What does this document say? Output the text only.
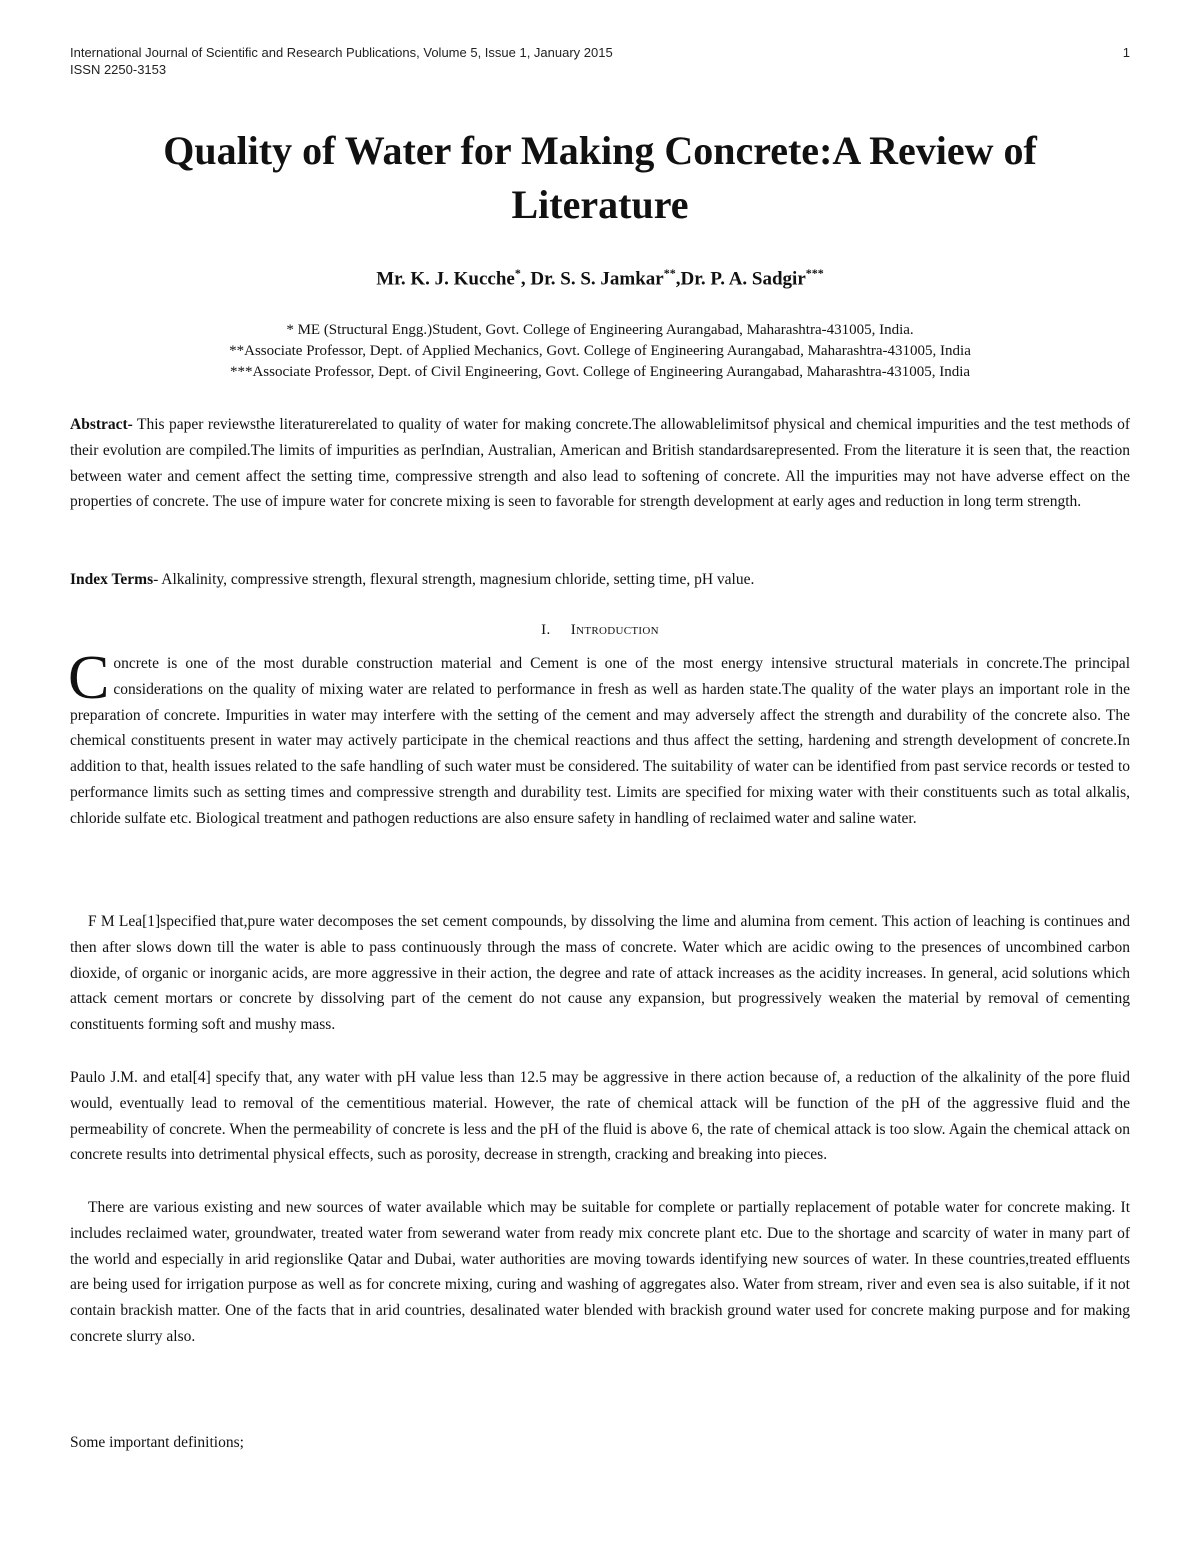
International Journal of Scientific and Research Publications, Volume 5, Issue 1, January 2015
ISSN 2250-3153
1
Quality of Water for Making Concrete:A Review of Literature
Mr. K. J. Kucche*, Dr. S. S. Jamkar**,Dr. P. A. Sadgir***
* ME (Structural Engg.)Student, Govt. College of Engineering Aurangabad, Maharashtra-431005, India.
**Associate Professor, Dept. of Applied Mechanics, Govt. College of Engineering Aurangabad, Maharashtra-431005, India
***Associate Professor, Dept. of Civil Engineering, Govt. College of Engineering Aurangabad, Maharashtra-431005, India
Abstract- This paper reviewsthe literaturerelated to quality of water for making concrete.The allowablelimitsof physical and chemical impurities and the test methods of their evolution are compiled.The limits of impurities as perIndian, Australian, American and British standardsarepresented. From the literature it is seen that, the reaction between water and cement affect the setting time, compressive strength and also lead to softening of concrete. All the impurities may not have adverse effect on the properties of concrete. The use of impure water for concrete mixing is seen to favorable for strength development at early ages and reduction in long term strength.
Index Terms- Alkalinity, compressive strength, flexural strength, magnesium chloride, setting time, pH value.
I. Introduction
Concrete is one of the most durable construction material and Cement is one of the most energy intensive structural materials in concrete.The principal considerations on the quality of mixing water are related to performance in fresh as well as harden state.The quality of the water plays an important role in the preparation of concrete. Impurities in water may interfere with the setting of the cement and may adversely affect the strength and durability of the concrete also. The chemical constituents present in water may actively participate in the chemical reactions and thus affect the setting, hardening and strength development of concrete.In addition to that, health issues related to the safe handling of such water must be considered. The suitability of water can be identified from past service records or tested to performance limits such as setting times and compressive strength and durability test. Limits are specified for mixing water with their constituents such as total alkalis, chloride sulfate etc. Biological treatment and pathogen reductions are also ensure safety in handling of reclaimed water and saline water.
F M Lea[1]specified that,pure water decomposes the set cement compounds, by dissolving the lime and alumina from cement. This action of leaching is continues and then after slows down till the water is able to pass continuously through the mass of concrete. Water which are acidic owing to the presences of uncombined carbon dioxide, of organic or inorganic acids, are more aggressive in their action, the degree and rate of attack increases as the acidity increases. In general, acid solutions which attack cement mortars or concrete by dissolving part of the cement do not cause any expansion, but progressively weaken the material by removal of cementing constituents forming soft and mushy mass.
Paulo J.M. and etal[4] specify that, any water with pH value less than 12.5 may be aggressive in there action because of, a reduction of the alkalinity of the pore fluid would, eventually lead to removal of the cementitious material. However, the rate of chemical attack will be function of the pH of the aggressive fluid and the permeability of concrete. When the permeability of concrete is less and the pH of the fluid is above 6, the rate of chemical attack is too slow. Again the chemical attack on concrete results into detrimental physical effects, such as porosity, decrease in strength, cracking and breaking into pieces.
There are various existing and new sources of water available which may be suitable for complete or partially replacement of potable water for concrete making. It includes reclaimed water, groundwater, treated water from sewerand water from ready mix concrete plant etc. Due to the shortage and scarcity of water in many part of the world and especially in arid regionslike Qatar and Dubai, water authorities are moving towards identifying new sources of water. In these countries,treated effluents are being used for irrigation purpose as well as for concrete mixing, curing and washing of aggregates also. Water from stream, river and even sea is also suitable, if it not contain brackish matter. One of the facts that in arid countries, desalinated water blended with brackish ground water used for concrete making purpose and for making concrete slurry also.
Some important definitions;
